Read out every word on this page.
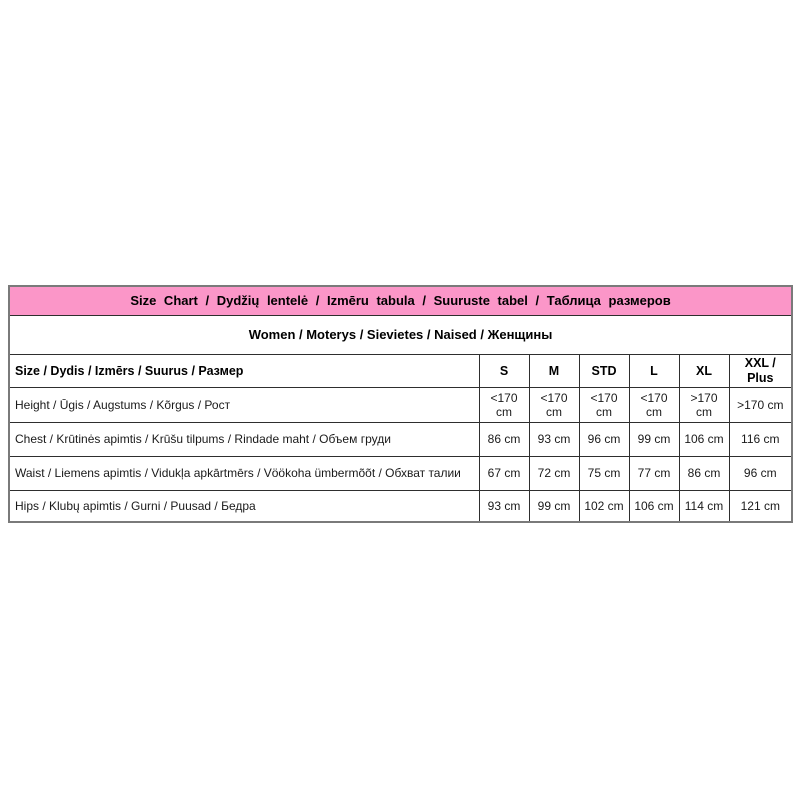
Size Chart / Dydžių lentelė / Izmēru tabula / Suuruste tabel / Таблица размеров						
Women / Moterys / Sievietes / Naised / Женщины						
Size / Dydis / Izmērs / Suurus / Размер	S	M	STD	L	XL	XXL / Plus
Height / Ūgis / Augstums / Kõrgus / Рост	<170 cm	<170 cm	<170 cm	<170 cm	>170 cm	>170 cm
Chest / Krūtinės apimtis / Krūšu tilpums / Rindade maht / Объем груди	86 cm	93 cm	96 cm	99 cm	106 cm	116 cm
Waist / Liemens apimtis / Vidukļa apkārtmērs / Vöökoha ümbermõõt / Обхват талии	67 cm	72 cm	75 cm	77 cm	86 cm	96 cm
Hips / Klubų apimtis / Gurni / Puusad / Бедра	93 cm	99 cm	102 cm	106 cm	114 cm	121 cm
